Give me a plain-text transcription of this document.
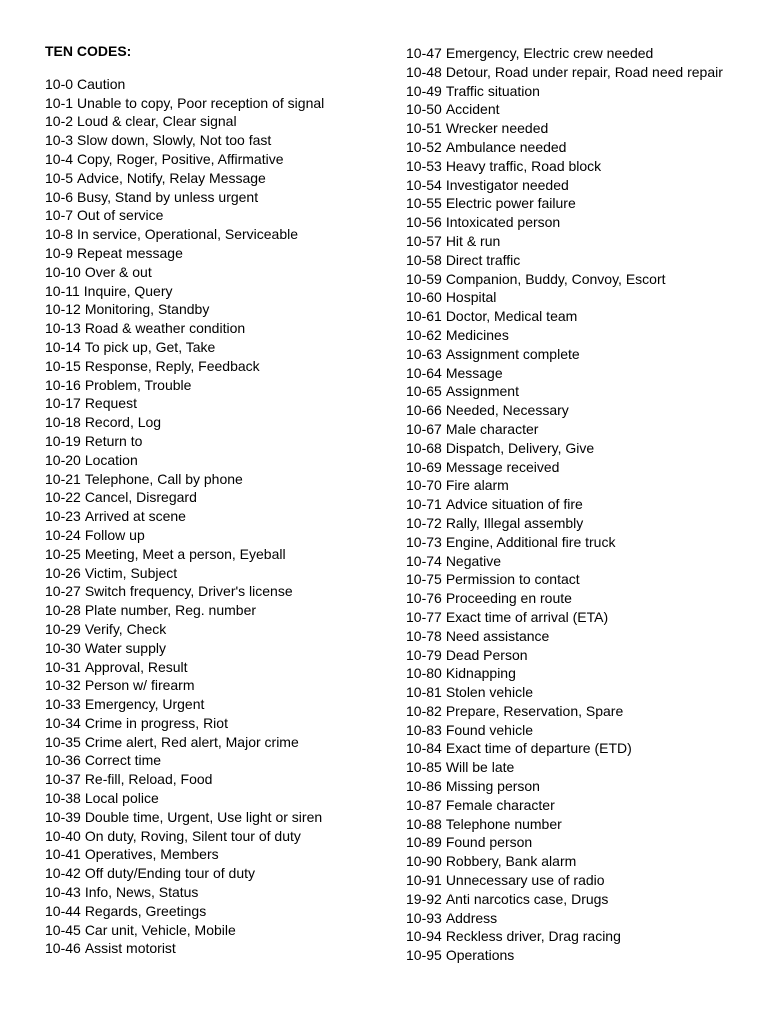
TEN CODES:
10-0 Caution
10-1 Unable to copy, Poor reception of signal
10-2 Loud & clear, Clear signal
10-3 Slow down, Slowly, Not too fast
10-4 Copy, Roger, Positive, Affirmative
10-5 Advice, Notify, Relay Message
10-6 Busy, Stand by unless urgent
10-7 Out of service
10-8 In service, Operational, Serviceable
10-9 Repeat message
10-10 Over & out
10-11 Inquire, Query
10-12 Monitoring, Standby
10-13 Road & weather condition
10-14 To pick up, Get, Take
10-15 Response, Reply, Feedback
10-16 Problem, Trouble
10-17 Request
10-18 Record, Log
10-19 Return to
10-20 Location
10-21 Telephone, Call by phone
10-22 Cancel, Disregard
10-23 Arrived at scene
10-24 Follow up
10-25 Meeting, Meet a person, Eyeball
10-26 Victim, Subject
10-27 Switch frequency, Driver's license
10-28 Plate number, Reg. number
10-29 Verify, Check
10-30 Water supply
10-31 Approval, Result
10-32 Person w/ firearm
10-33 Emergency, Urgent
10-34 Crime in progress, Riot
10-35 Crime alert, Red alert, Major crime
10-36 Correct time
10-37 Re-fill, Reload, Food
10-38 Local police
10-39 Double time, Urgent, Use light or siren
10-40 On duty, Roving, Silent tour of duty
10-41 Operatives, Members
10-42 Off duty/Ending tour of duty
10-43 Info, News, Status
10-44 Regards, Greetings
10-45 Car unit, Vehicle, Mobile
10-46 Assist motorist
10-47 Emergency, Electric crew needed
10-48 Detour, Road under repair, Road need repair
10-49 Traffic situation
10-50 Accident
10-51 Wrecker needed
10-52 Ambulance needed
10-53 Heavy traffic, Road block
10-54 Investigator needed
10-55 Electric power failure
10-56 Intoxicated person
10-57 Hit & run
10-58 Direct traffic
10-59 Companion, Buddy, Convoy, Escort
10-60 Hospital
10-61 Doctor, Medical team
10-62 Medicines
10-63 Assignment complete
10-64 Message
10-65 Assignment
10-66 Needed, Necessary
10-67 Male character
10-68 Dispatch, Delivery, Give
10-69 Message received
10-70 Fire alarm
10-71 Advice situation of fire
10-72 Rally, Illegal assembly
10-73 Engine, Additional fire truck
10-74 Negative
10-75 Permission to contact
10-76 Proceeding en route
10-77 Exact time of arrival (ETA)
10-78 Need assistance
10-79 Dead Person
10-80 Kidnapping
10-81 Stolen vehicle
10-82 Prepare, Reservation, Spare
10-83 Found vehicle
10-84 Exact time of departure (ETD)
10-85 Will be late
10-86 Missing person
10-87 Female character
10-88 Telephone number
10-89 Found person
10-90 Robbery, Bank alarm
10-91 Unnecessary use of radio
19-92 Anti narcotics case, Drugs
10-93 Address
10-94 Reckless driver, Drag racing
10-95 Operations
